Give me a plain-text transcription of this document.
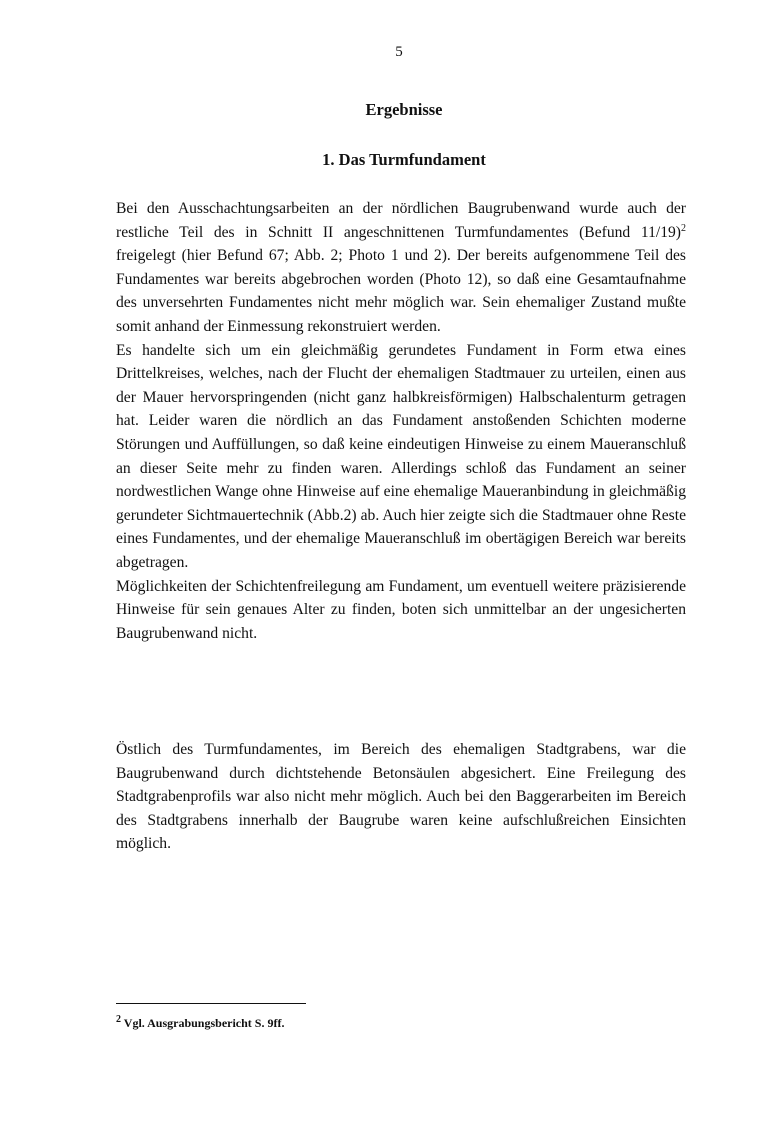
5
Ergebnisse
1. Das Turmfundament

Bei den Ausschachtungsarbeiten an der nördlichen Baugrubenwand wurde auch der restliche Teil des in Schnitt II angeschnittenen Turmfundamentes (Befund 11/19)$^2$ freigelegt (hier Befund 67; Abb. 2; Photo 1 und 2). Der bereits aufgenommene Teil des Fundamentes war bereits abgebrochen worden (Photo 12), so daß eine Gesamtaufnahme des unversehrten Fundamentes nicht mehr möglich war. Sein ehemaliger Zustand mußte somit anhand der Einmessung rekonstruiert werden.

Es handelte sich um ein gleichmäßig gerundetes Fundament in Form etwa eines Drittelkreises, welches, nach der Flucht der ehemaligen Stadtmauer zu urteilen, einen aus der Mauer hervorspringenden (nicht ganz halbkreisförmigen) Halbschalenturm getragen hat. Leider waren die nördlich an das Fundament anstoßenden Schichten moderne Störungen und Auffüllungen, so daß keine eindeutigen Hinweise zu einem Maueranschluß an dieser Seite mehr zu finden waren. Allerdings schloß das Fundament an seiner nordwestlichen Wange ohne Hinweise auf eine ehemalige Maueranbindung in gleichmäßig gerundeter Sichtmauertechnik (Abb.2) ab. Auch hier zeigte sich die Stadtmauer ohne Reste eines Fundamentes, und der ehemalige Maueranschluß im obertägigen Bereich war bereits abgetragen.

Möglichkeiten der Schichtenfreilegung am Fundament, um eventuell weitere präzisierende Hinweise für sein genaues Alter zu finden, boten sich unmittelbar an der ungesicherten Baugrubenwand nicht.

Östlich des Turmfundamentes, im Bereich des ehemaligen Stadtgrabens, war die Baugrubenwand durch dichtstehende Betonsäulen abgesichert. Eine Freilegung des Stadtgrabenprofils war also nicht mehr möglich. Auch bei den Baggerarbeiten im Bereich des Stadtgrabens innerhalb der Baugrube waren keine aufschlußreichen Einsichten möglich.

$^2$ Vgl. Ausgrabungsbericht S. 9ff.
